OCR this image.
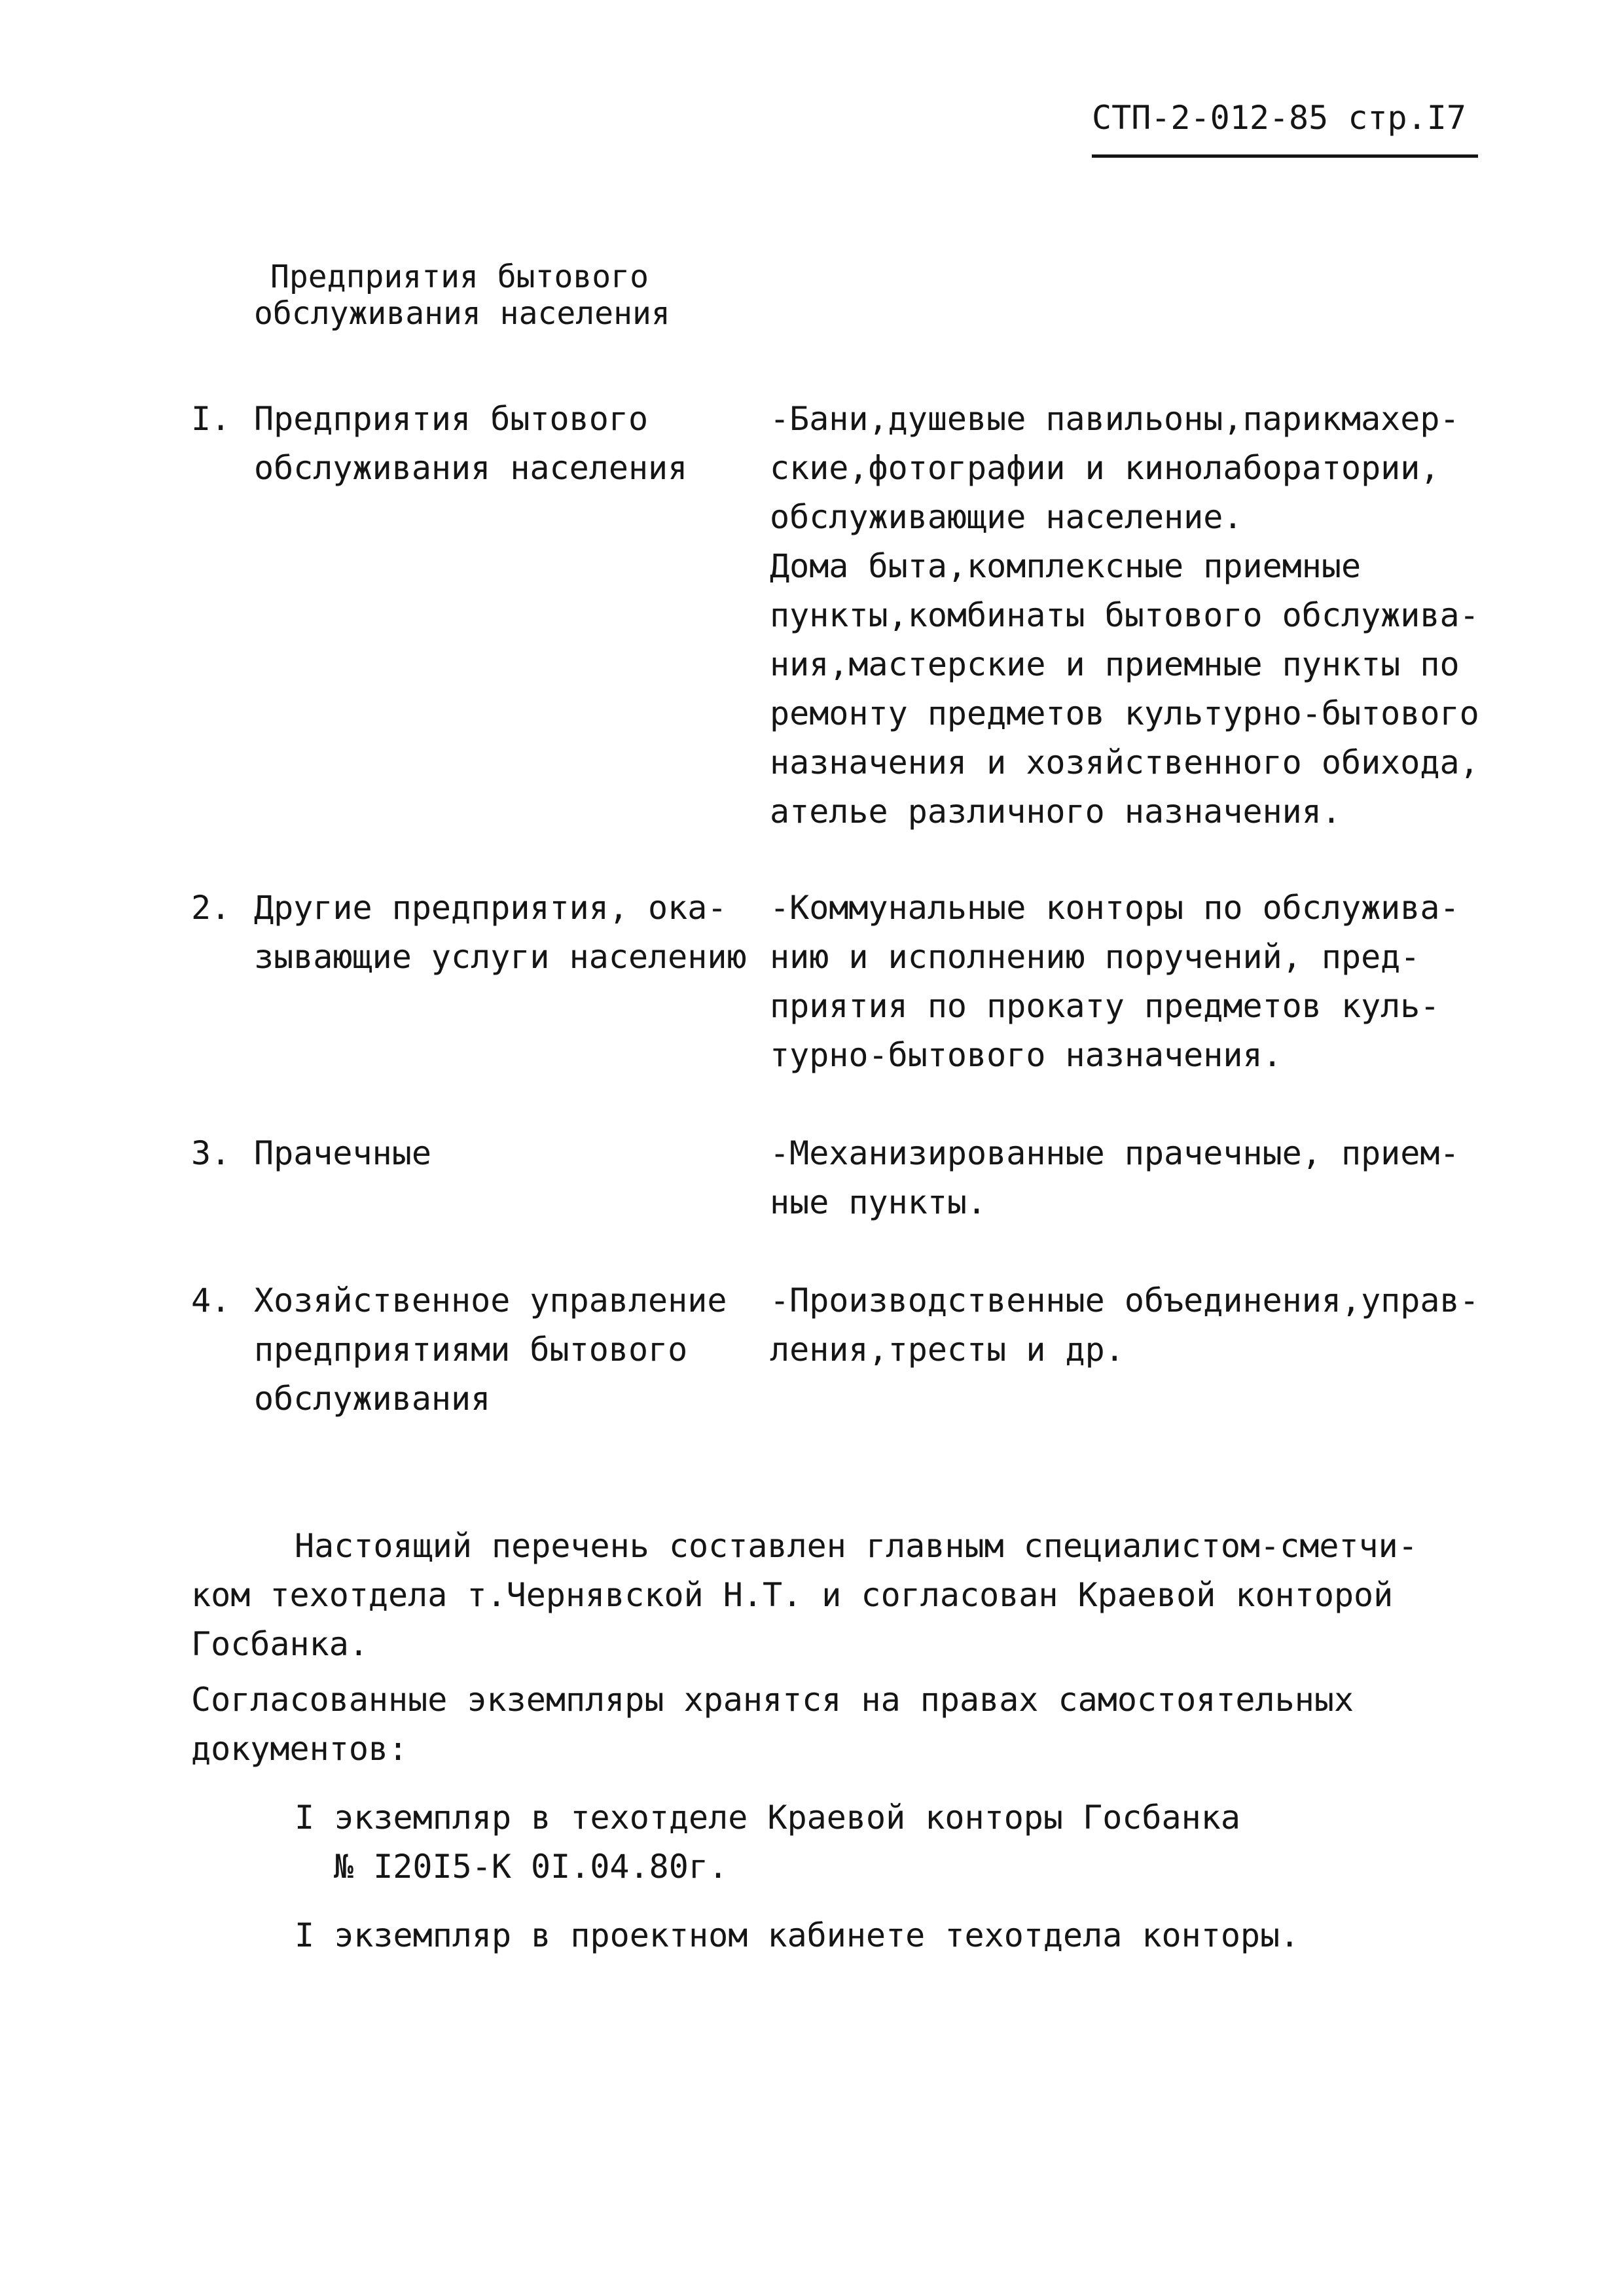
СТП-2-012-85 стр.I7
Предприятия бытового
обслуживания населения
I. Предприятия бытового
обслуживания населения
-Бани,душевые павильоны,парикмахер-
ские,фотографии и кинолаборатории,
обслуживающие население.
Дома быта,комплексные приемные
пункты,комбинаты бытового обслужива-
ния,мастерские и приемные пункты по
ремонту предметов культурно-бытового
назначения и хозяйственного обихода,
ателье различного назначения.
2. Другие предприятия, ока-
зывающие услуги населению
-Коммунальные конторы по обслужива-
нию и исполнению поручений, пред-
приятия по прокату предметов куль-
турно-бытового назначения.
3. Прачечные	-Механизированные прачечные, прием-
ные пункты.
4. Хозяйственное управление
предприятиями бытового
обслуживания
-Производственные объединения,управ-
ления,тресты и др.
Настоящий перечень составлен главным специалистом-сметчи-
ком техотдела т.Чернявской Н.Т. и согласован Краевой конторой
Госбанка.
Согласованные экземпляры хранятся на правах самостоятельных
документов:
I экземпляр в техотделе Краевой конторы Госбанка
№ I20I5-К 0I.04.80г.
I экземпляр в проектном кабинете техотдела конторы.
